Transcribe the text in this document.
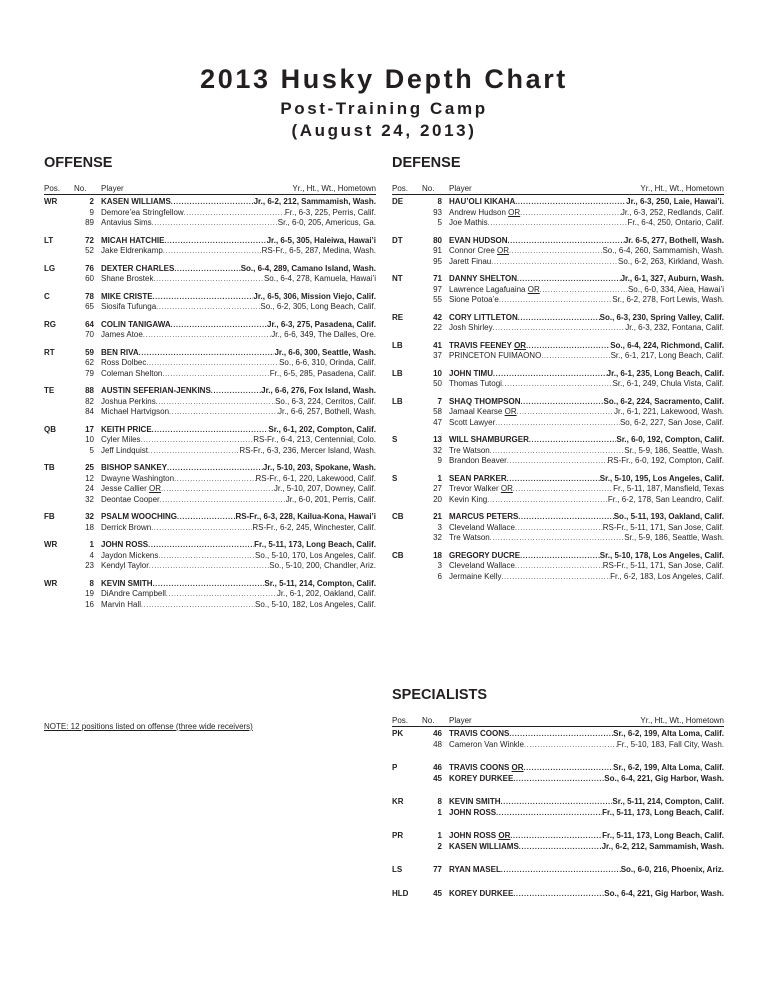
2013 Husky Depth Chart
Post-Training Camp
(August 24, 2013)
OFFENSE
Pos.	No.	Player	Yr., Ht., Wt., Hometown
WR	2 KASEN WILLIAMS . . .	Jr., 6-2, 212, Sammamish, Wash.
9 Demore’ea Stringfellow . . .	Fr., 6-3, 225, Perris, Calif.
89 Antavius Sims . . .	Sr., 6-0, 205, Americus, Ga.
LT	72 MICAH HATCHIE . . .	Jr., 6-5, 305, Haleiwa, Hawai’i
52 Jake Eldrenkamp . . .	RS-Fr., 6-5, 287, Medina, Wash.
LG	76 DEXTER CHARLES . . .	So., 6-4, 289, Camano Island, Wash.
60 Shane Brostek . . .	So., 6-4, 278, Kamuela, Hawai’i
C	78 MIKE CRISTE . . .	Jr., 6-5, 306, Mission Viejo, Calif.
65 Siosifa Tufunga . . .	So., 6-2, 305, Long Beach, Calif.
RG	64 COLIN TANIGAWA . . .	Jr., 6-3, 275, Pasadena, Calif.
70 James Atoe . . .	Jr., 6-6, 349, The Dalles, Ore.
RT	59 BEN RIVA . . .	Jr., 6-6, 300, Seattle, Wash.
62 Ross Dolbec . . .	So., 6-6, 310, Orinda, Calif.
79 Coleman Shelton . . .	Fr., 6-5, 285, Pasadena, Calif.
TE	88 AUSTIN SEFERIAN-JENKINS . . .	Jr., 6-6, 276, Fox Island, Wash.
82 Joshua Perkins . . .	So., 6-3, 224, Cerritos, Calif.
84 Michael Hartvigson . . .	Jr., 6-6, 257, Bothell, Wash.
QB	17 KEITH PRICE . . .	Sr., 6-1, 202, Compton, Calif.
10 Cyler Miles . . .	RS-Fr., 6-4, 213, Centennial, Colo.
5 Jeff Lindquist . . .	RS-Fr., 6-3, 236, Mercer Island, Wash.
TB	25 BISHOP SANKEY . . .	Jr., 5-10, 203, Spokane, Wash.
12 Dwayne Washington . . .	RS-Fr., 6-1, 220, Lakewood, Calif.
24 Jesse Callier OR . . .	Jr., 5-10, 207, Downey, Calif.
32 Deontae Cooper . . .	Jr., 6-0, 201, Perris, Calif.
FB	32 PSALM WOOCHING . . .	RS-Fr., 6-3, 228, Kailua-Kona, Hawai’i
18 Derrick Brown . . .	RS-Fr., 6-2, 245, Winchester, Calif.
WR	1 JOHN ROSS . . .	Fr., 5-11, 173, Long Beach, Calif.
4 Jaydon Mickens . . .	So., 5-10, 170, Los Angeles, Calif.
23 Kendyl Taylor . . .	So., 5-10, 200, Chandler, Ariz.
WR	8 KEVIN SMITH . . .	Sr., 5-11, 214, Compton, Calif.
19 DiAndre Campbell . . .	Jr., 6-1, 202, Oakland, Calif.
16 Marvin Hall . . .	So., 5-10, 182, Los Angeles, Calif.
DEFENSE
Pos.	No.	Player	Yr., Ht., Wt., Hometown
DE	8 HAU’OLI KIKAHA . . .	Jr., 6-3, 250, Laie, Hawai’i.
93 Andrew Hudson OR . . .	Jr., 6-3, 252, Redlands, Calif.
5 Joe Mathis . . .	Fr., 6-4, 250, Ontario, Calif.
DT	80 EVAN HUDSON . . .	Jr. 6-5, 277, Bothell, Wash.
91 Connor Cree OR . . .	So., 6-4, 260, Sammamish, Wash.
95 Jarett Finau . . .	So., 6-2, 263, Kirkland, Wash.
NT	71 DANNY SHELTON . . .	Jr., 6-1, 327, Auburn, Wash.
97 Lawrence Lagafuaina OR . . .	So., 6-0, 334, Aiea, Hawai’i
55 Sione Potoa’e . . .	Sr., 6-2, 278, Fort Lewis, Wash.
RE	42 CORY LITTLETON . . .	So., 6-3, 230, Spring Valley, Calif.
22 Josh Shirley . . .	Jr., 6-3, 232, Fontana, Calif.
LB	41 TRAVIS FEENEY OR . . .	So., 6-4, 224, Richmond, Calif.
37 PRINCETON FUIMAONO . . .	Sr., 6-1, 217, Long Beach, Calif.
LB	10 JOHN TIMU . . .	Jr., 6-1, 235, Long Beach, Calif.
50 Thomas Tutogi . . .	Sr., 6-1, 249, Chula Vista, Calif.
LB	7 SHAQ THOMPSON . . .	So., 6-2, 224, Sacramento, Calif.
58 Jamaal Kearse OR . . .	Jr., 6-1, 221, Lakewood, Wash.
47 Scott Lawyer . . .	So, 6-2, 227, San Jose, Calif.
S	13 WILL SHAMBURGER . . .	Sr., 6-0, 192, Compton, Calif.
32 Tre Watson . . .	Sr., 5-9, 186, Seattle, Wash.
9 Brandon Beaver . . .	RS-Fr., 6-0, 192, Compton, Calif.
S	1 SEAN PARKER . . .	Sr., 5-10, 195, Los Angeles, Calif.
27 Trevor Walker OR . . .	Fr., 5-11, 187, Mansfield, Texas
20 Kevin King . . .	Fr., 6-2, 178, San Leandro, Calif.
CB	21 MARCUS PETERS . . .	So., 5-11, 193, Oakland, Calif.
3 Cleveland Wallace . . .	RS-Fr., 5-11, 171, San Jose, Calif.
32 Tre Watson . . .	Sr., 5-9, 186, Seattle, Wash.
CB	18 GREGORY DUCRE . . .	Sr., 5-10, 178, Los Angeles, Calif.
3 Cleveland Wallace . . .	RS-Fr., 5-11, 171, San Jose, Calif.
6 Jermaine Kelly . . .	Fr., 6-2, 183, Los Angeles, Calif.
SPECIALISTS
Pos.	No.	Player	Yr., Ht., Wt., Hometown
PK	46 TRAVIS COONS . . .	Sr., 6-2, 199, Alta Loma, Calif.
48 Cameron Van Winkle . . .	Fr., 5-10, 183, Fall City, Wash.
P	46 TRAVIS COONS OR . . .	Sr., 6-2, 199, Alta Loma, Calif.
45 KOREY DURKEE . . .	So., 6-4, 221, Gig Harbor, Wash.
KR	8 KEVIN SMITH . . .	Sr., 5-11, 214, Compton, Calif.
1 JOHN ROSS . . .	Fr., 5-11, 173, Long Beach, Calif.
PR	1 JOHN ROSS OR . . .	Fr., 5-11, 173, Long Beach, Calif.
2 KASEN WILLIAMS . . .	Jr., 6-2, 212, Sammamish, Wash.
LS	77 RYAN MASEL . . .	So., 6-0, 216, Phoenix, Ariz.
HLD	45 KOREY DURKEE . . .	So., 6-4, 221, Gig Harbor, Wash.
NOTE: 12 positions listed on offense (three wide receivers)
